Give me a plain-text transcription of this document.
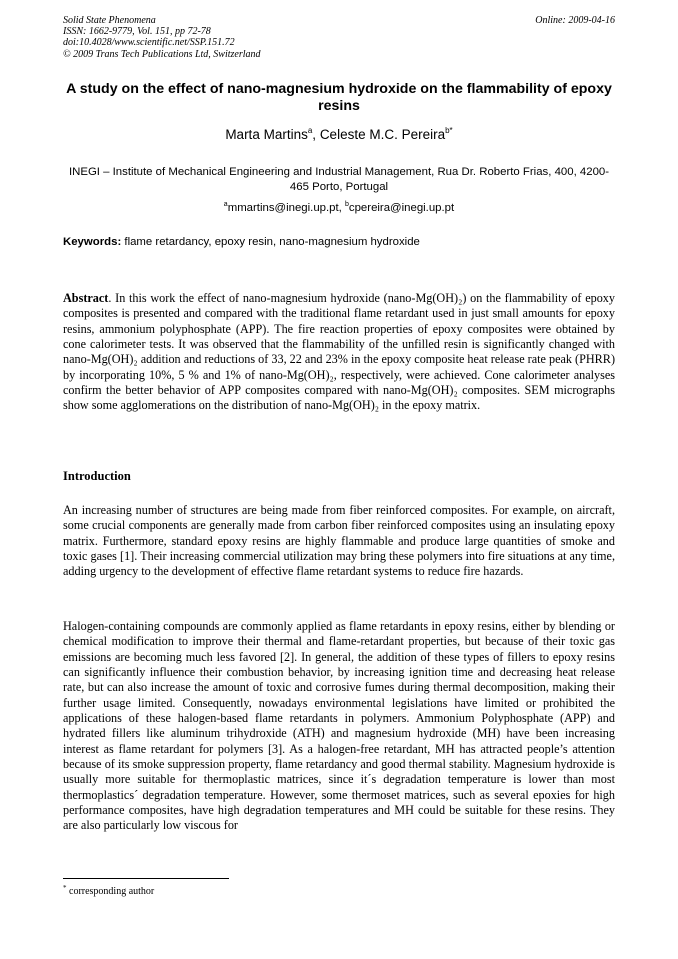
Solid State Phenomena
ISSN: 1662-9779, Vol. 151, pp 72-78
doi:10.4028/www.scientific.net/SSP.151.72
© 2009 Trans Tech Publications Ltd, Switzerland
Online: 2009-04-16
A study on the effect of nano-magnesium hydroxide on the flammability of epoxy resins
Marta Martins$^a$, Celeste M.C. Pereira$^{b*}$
INEGI – Institute of Mechanical Engineering and Industrial Management, Rua Dr. Roberto Frias, 400, 4200-465 Porto, Portugal
$^a$mmartins@inegi.up.pt, $^b$cpereira@inegi.up.pt
Keywords: flame retardancy, epoxy resin, nano-magnesium hydroxide
Abstract. In this work the effect of nano-magnesium hydroxide (nano-Mg(OH)₂) on the flammability of epoxy composites is presented and compared with the traditional flame retardant used in just small amounts for epoxy resins, ammonium polyphosphate (APP). The fire reaction properties of epoxy composites were obtained by cone calorimeter tests. It was observed that the flammability of the unfilled resin is significantly changed with nano-Mg(OH)₂ addition and reductions of 33, 22 and 23% in the epoxy composite heat release rate peak (PHRR) by incorporating 10%, 5 % and 1% of nano-Mg(OH)₂, respectively, were achieved. Cone calorimeter analyses confirm the better behavior of APP composites compared with nano-Mg(OH)₂ composites. SEM micrographs show some agglomerations on the distribution of nano-Mg(OH)₂ in the epoxy matrix.
Introduction
An increasing number of structures are being made from fiber reinforced composites. For example, on aircraft, some crucial components are generally made from carbon fiber reinforced composites using an insulating epoxy matrix. Furthermore, standard epoxy resins are highly flammable and produce large quantities of smoke and toxic gases [1]. Their increasing commercial utilization may bring these polymers into fire situations at any time, adding urgency to the development of effective flame retardant systems to reduce fire hazards.
Halogen-containing compounds are commonly applied as flame retardants in epoxy resins, either by blending or chemical modification to improve their thermal and flame-retardant properties, but because of their toxic gas emissions are becoming much less favored [2]. In general, the addition of these types of fillers to epoxy resins can significantly influence their combustion behavior, by increasing ignition time and decreasing heat release rate, but can also increase the amount of toxic and corrosive fumes during thermal decomposition, making their further usage limited. Consequently, nowadays environmental legislations have limited or prohibited the applications of these halogen-based flame retardants in polymers. Ammonium Polyphosphate (APP) and hydrated fillers like aluminum trihydroxide (ATH) and magnesium hydroxide (MH) have been increasing interest as flame retardant for polymers [3]. As a halogen-free retardant, MH has attracted people’s attention because of its smoke suppression property, flame retardancy and good thermal stability. Magnesium hydroxide is usually more suitable for thermoplastic matrices, since it´s degradation temperature is lower than most thermoplastics´ degradation temperature. However, some thermoset matrices, such as several epoxies for high performance composites, have high degradation temperatures and MH could be suitable for these resins. They are also particularly low viscous for
* corresponding author
